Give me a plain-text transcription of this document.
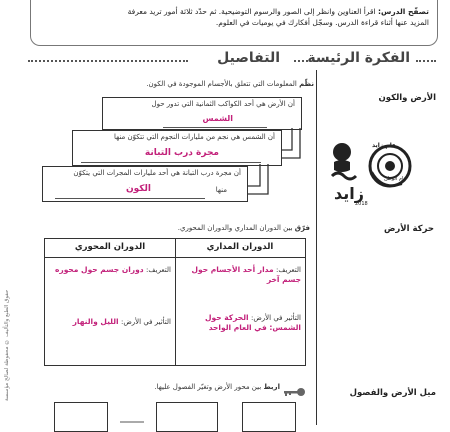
تصفّح الدرس: اقرأ العناوين وانظر إلى الصور والرسوم التوضيحية. ثم حدّد ثلاثة أمور تريد معرفة
المزيد عنها أثناء قراءة الدرس. وسجّل أفكارك في يوميات في العلوم.
الفكرة الرئيسة
التفاصيل
الأرض والكون
حركة الأرض
ميل الأرض والفصول
زايد
2018
عام زايد
عام الوطن
نظّم المعلومات التي تتعلق بالأجسام الموجودة في الكون.
أن الأرض هي أحد الكواكب الثمانية التي تدور حول
الشمس
أن الشمس هي نجم من مليارات النجوم التي تتكوّن منها
مجرة درب التبانة
أن مجرة درب التبانة هي أحد مليارات المجرات التي يتكوّن
منها
الكون
فرّق بين الدوران المداري والدوران المحوري.
الدوران المداري
الدوران المحوري
التعريف: مدار أحد الأجسام حول جسم آخر
التعريف: دوران جسم حول محوره
التأثير في الأرض: الحركة حول الشمس: في العام الواحد
التأثير في الأرض: الليل والنهار
اربط بين محور الأرض وتغيّر الفصول عليها.
حقوق الطبع والتأليف © محفوظة لصالح مؤسسة
